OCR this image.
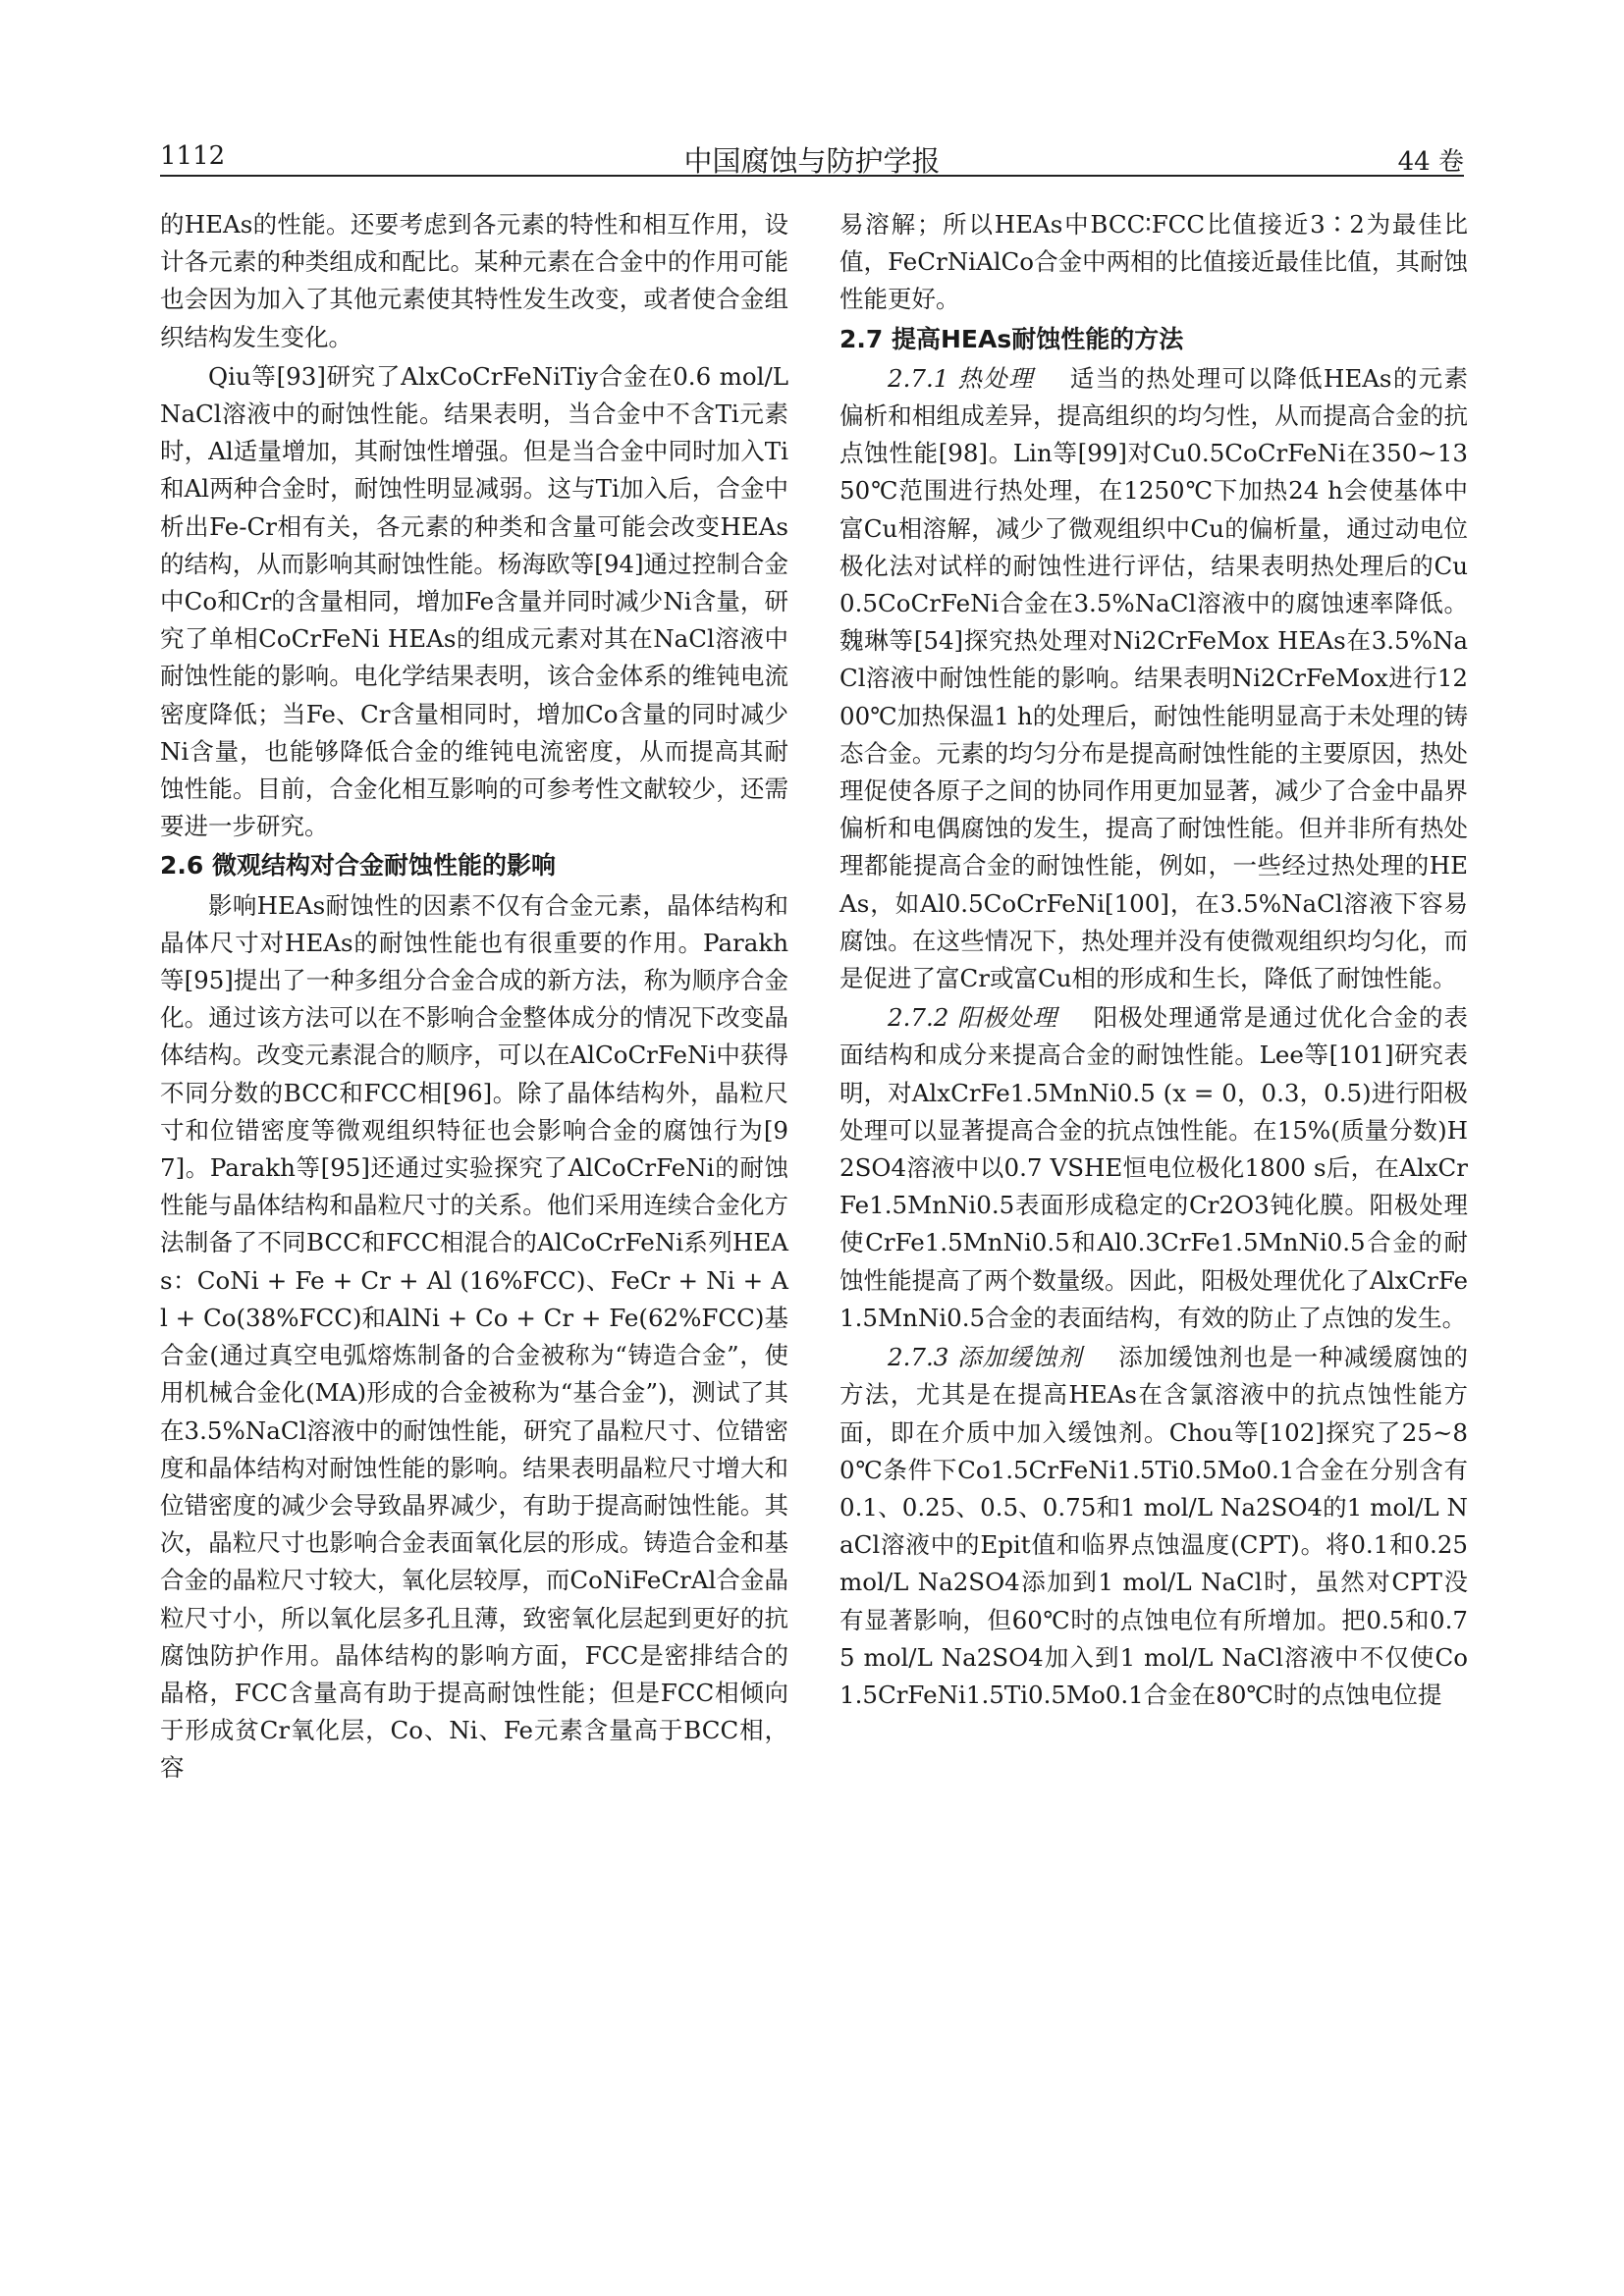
1112	中国腐蚀与防护学报	44 卷

的HEAs的性能。还要考虑到各元素的特性和相互作用，设计各元素的种类组成和配比。某种元素在合金中的作用可能也会因为加入了其他元素使其特性发生改变，或者使合金组织结构发生变化。

Qiu等[93]研究了AlxCoCrFeNiTiy合金在0.6 mol/L NaCl溶液中的耐蚀性能。结果表明，当合金中不含Ti元素时，Al适量增加，其耐蚀性增强。但是当合金中同时加入Ti和Al两种合金时，耐蚀性明显减弱。这与Ti加入后，合金中析出Fe-Cr相有关，各元素的种类和含量可能会改变HEAs的结构，从而影响其耐蚀性能。杨海欧等[94]通过控制合金中Co和Cr的含量相同，增加Fe含量并同时减少Ni含量，研究了单相CoCrFeNi HEAs的组成元素对其在NaCl溶液中耐蚀性能的影响。电化学结果表明，该合金体系的维钝电流密度降低；当Fe、Cr含量相同时，增加Co含量的同时减少Ni含量，也能够降低合金的维钝电流密度，从而提高其耐蚀性能。目前，合金化相互影响的可参考性文献较少，还需要进一步研究。

2.6 微观结构对合金耐蚀性能的影响

影响HEAs耐蚀性的因素不仅有合金元素，晶体结构和晶体尺寸对HEAs的耐蚀性能也有很重要的作用。Parakh等[95]提出了一种多组分合金合成的新方法，称为顺序合金化。通过该方法可以在不影响合金整体成分的情况下改变晶体结构。改变元素混合的顺序，可以在AlCoCrFeNi中获得不同分数的BCC和FCC相[96]。除了晶体结构外，晶粒尺寸和位错密度等微观组织特征也会影响合金的腐蚀行为[97]。Parakh等[95]还通过实验探究了AlCoCrFeNi的耐蚀性能与晶体结构和晶粒尺寸的关系。他们采用连续合金化方法制备了不同BCC和FCC相混合的AlCoCrFeNi系列HEAs：CoNi + Fe + Cr + Al (16%FCC)、FeCr + Ni + Al + Co(38%FCC)和AlNi + Co + Cr + Fe(62%FCC)基合金(通过真空电弧熔炼制备的合金被称为“铸造合金”，使用机械合金化(MA)形成的合金被称为“基合金”)，测试了其在3.5%NaCl溶液中的耐蚀性能，研究了晶粒尺寸、位错密度和晶体结构对耐蚀性能的影响。结果表明晶粒尺寸增大和位错密度的减少会导致晶界减少，有助于提高耐蚀性能。其次，晶粒尺寸也影响合金表面氧化层的形成。铸造合金和基合金的晶粒尺寸较大，氧化层较厚，而CoNiFeCrAl合金晶粒尺寸小，所以氧化层多孔且薄，致密氧化层起到更好的抗腐蚀防护作用。晶体结构的影响方面，FCC是密排结合的晶格，FCC含量高有助于提高耐蚀性能；但是FCC相倾向于形成贫Cr氧化层，Co、Ni、Fe元素含量高于BCC相，容

易溶解；所以HEAs中BCC∶FCC比值接近3∶2为最佳比值，FeCrNiAlCo合金中两相的比值接近最佳比值，其耐蚀性能更好。

2.7 提高HEAs耐蚀性能的方法

2.7.1 热处理 适当的热处理可以降低HEAs的元素偏析和相组成差异，提高组织的均匀性，从而提高合金的抗点蚀性能[98]。Lin等[99]对Cu0.5CoCrFeNi在350~1350℃范围进行热处理，在1250℃下加热24 h会使基体中富Cu相溶解，减少了微观组织中Cu的偏析量，通过动电位极化法对试样的耐蚀性进行评估，结果表明热处理后的Cu0.5CoCrFeNi合金在3.5%NaCl溶液中的腐蚀速率降低。魏琳等[54]探究热处理对Ni2CrFeMox HEAs在3.5%NaCl溶液中耐蚀性能的影响。结果表明Ni2CrFeMox进行1200℃加热保温1 h的处理后，耐蚀性能明显高于未处理的铸态合金。元素的均匀分布是提高耐蚀性能的主要原因，热处理促使各原子之间的协同作用更加显著，减少了合金中晶界偏析和电偶腐蚀的发生，提高了耐蚀性能。但并非所有热处理都能提高合金的耐蚀性能，例如，一些经过热处理的HEAs，如Al0.5CoCrFeNi[100]，在3.5%NaCl溶液下容易腐蚀。在这些情况下，热处理并没有使微观组织均匀化，而是促进了富Cr或富Cu相的形成和生长，降低了耐蚀性能。

2.7.2 阳极处理 阳极处理通常是通过优化合金的表面结构和成分来提高合金的耐蚀性能。Lee等[101]研究表明，对AlxCrFe1.5MnNi0.5 (x = 0，0.3，0.5)进行阳极处理可以显著提高合金的抗点蚀性能。在15%(质量分数)H2SO4溶液中以0.7 VSHE恒电位极化1800 s后，在AlxCrFe1.5MnNi0.5表面形成稳定的Cr2O3钝化膜。阳极处理使CrFe1.5MnNi0.5和Al0.3CrFe1.5MnNi0.5合金的耐蚀性能提高了两个数量级。因此，阳极处理优化了AlxCrFe1.5MnNi0.5合金的表面结构，有效的防止了点蚀的发生。

2.7.3 添加缓蚀剂 添加缓蚀剂也是一种减缓腐蚀的方法，尤其是在提高HEAs在含氯溶液中的抗点蚀性能方面，即在介质中加入缓蚀剂。Chou等[102]探究了25~80℃条件下Co1.5CrFeNi1.5Ti0.5Mo0.1合金在分别含有0.1、0.25、0.5、0.75和1 mol/L Na2SO4的1 mol/L NaCl溶液中的Epit值和临界点蚀温度(CPT)。将0.1和0.25 mol/L Na2SO4添加到1 mol/L NaCl时，虽然对CPT没有显著影响，但60℃时的点蚀电位有所增加。把0.5和0.75 mol/L Na2SO4加入到1 mol/L NaCl溶液中不仅使Co1.5CrFeNi1.5Ti0.5Mo0.1合金在80℃时的点蚀电位提
